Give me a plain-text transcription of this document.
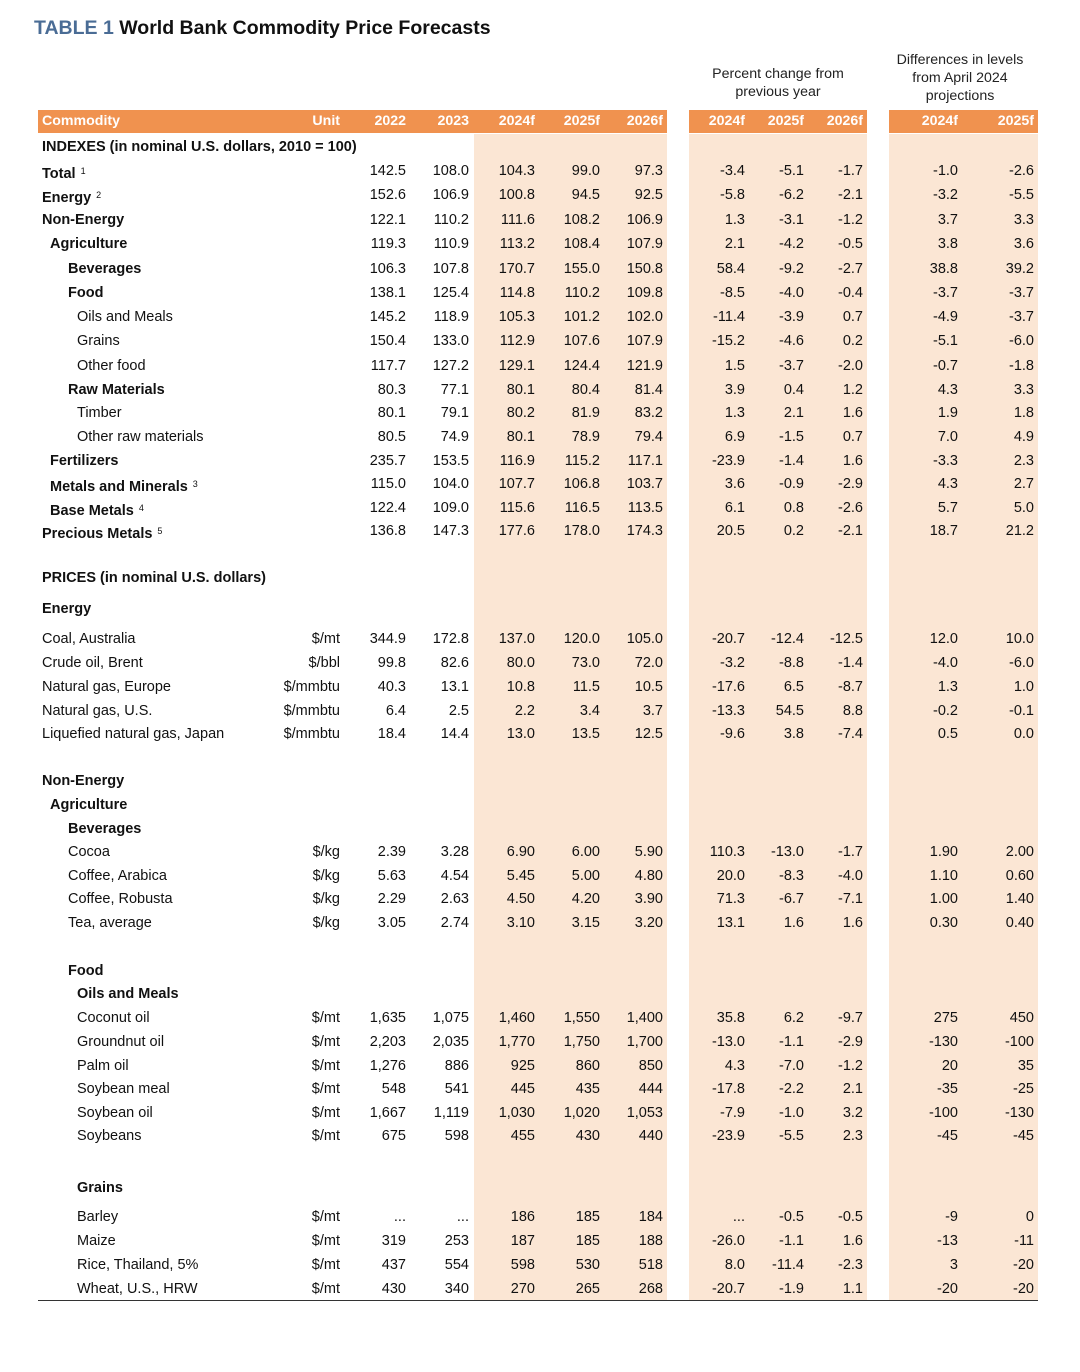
TABLE 1 World Bank Commodity Price Forecasts
Percent change from
previous year
Differences in levels
from April 2024
projections
Commodity	Unit 2022 2023 2024f 2025f 2026f	2024f 2025f 2026f	2024f	2025f
INDEXES (in nominal U.S. dollars, 2010 = 100)
Total $^1$	142.5 108.0 104.3	99.0 97.3	-3.4 -5.1 -1.7	-1.0	-2.6
Energy $^2$	152.6 106.9 100.8	94.5 92.5	-5.8 -6.2 -2.1	-3.2	-5.5
Non-Energy	122.1 110.2 111.6 108.2 106.9	1.3 -3.1 -1.2	3.7	3.3
Agriculture	119.3 110.9 113.2 108.4 107.9	2.1 -4.2 -0.5	3.8	3.6
Beverages	106.3 107.8 170.7 155.0 150.8	58.4 -9.2 -2.7	38.8	39.2
Food	138.1 125.4 114.8 110.2 109.8	-8.5 -4.0 -0.4	-3.7	-3.7
Oils and Meals	145.2 118.9 105.3 101.2 102.0	-11.4 -3.9	0.7	-4.9	-3.7
Grains	150.4 133.0 112.9 107.6 107.9	-15.2 -4.6	0.2	-5.1	-6.0
Other food	117.7 127.2 129.1 124.4 121.9	1.5 -3.7 -2.0	-0.7	-1.8
Raw Materials	80.3 77.1	80.1	80.4 81.4	3.9	0.4	1.2	4.3	3.3
Timber	80.1 79.1	80.2	81.9 83.2	1.3	2.1	1.6	1.9	1.8
Other raw materials	80.5 74.9	80.1	78.9 79.4	6.9 -1.5	0.7	7.0	4.9
Fertilizers	235.7 153.5 116.9 115.2 117.1	-23.9 -1.4	1.6	-3.3	2.3
Metals and Minerals $^3$	115.0 104.0 107.7 106.8 103.7	3.6 -0.9 -2.9	4.3	2.7
Base Metals $^4$	122.4 109.0 115.6 116.5 113.5	6.1	0.8 -2.6	5.7	5.0
Precious Metals $^5$	136.8 147.3 177.6 178.0 174.3	20.5	0.2 -2.1	18.7	21.2
PRICES (in nominal U.S. dollars)
Energy
Coal, Australia	$/mt 344.9 172.8 137.0 120.0 105.0	-20.7 -12.4 -12.5	12.0	10.0
Crude oil, Brent	$/bbl	99.8 82.6	80.0	73.0 72.0	-3.2 -8.8 -1.4	-4.0	-6.0
Natural gas, Europe	$/mmbtu	40.3 13.1	10.8	11.5 10.5	-17.6	6.5 -8.7	1.3	1.0
Natural gas, U.S.	$/mmbtu	6.4	2.5	2.2	3.4	3.7	-13.3 54.5	8.8	-0.2	-0.1
Liquefied natural gas, Japan	$/mmbtu	18.4 14.4	13.0	13.5 12.5	-9.6	3.8 -7.4	0.5	0.0
Non-Energy
Agriculture
Beverages
Cocoa	$/kg	2.39 3.28	6.90	6.00 5.90	110.3 -13.0 -1.7	1.90	2.00
Coffee, Arabica	$/kg	5.63 4.54	5.45	5.00 4.80	20.0 -8.3 -4.0	1.10	0.60
Coffee, Robusta	$/kg	2.29 2.63	4.50	4.20 3.90	71.3 -6.7 -7.1	1.00	1.40
Tea, average	$/kg	3.05 2.74	3.10	3.15 3.20	13.1	1.6	1.6	0.30	0.40
Food
Oils and Meals
Coconut oil	$/mt 1,635 1,075 1,460 1,550 1,400	35.8	6.2 -9.7	275	450
Groundnut oil	$/mt 2,203 2,035 1,770 1,750 1,700	-13.0 -1.1 -2.9	-130	-100
Palm oil	$/mt 1,276	886	925	860	850	4.3 -7.0 -1.2	20	35
Soybean meal	$/mt	548	541	445	435	444	-17.8 -2.2	2.1	-35	-25
Soybean oil	$/mt 1,667 1,119 1,030 1,020 1,053	-7.9 -1.0	3.2	-100	-130
Soybeans	$/mt	675	598	455	430	440	-23.9 -5.5	2.3	-45	-45
Grains
Barley	$/mt	...	...	186	185	184	... -0.5 -0.5	-9	0
Maize	$/mt	319	253	187	185	188	-26.0 -1.1	1.6	-13	-11
Rice, Thailand, 5%	$/mt	437	554	598	530	518	8.0 -11.4 -2.3	3	-20
Wheat, U.S., HRW	$/mt	430	340	270	265	268	-20.7 -1.9	1.1	-20	-20
